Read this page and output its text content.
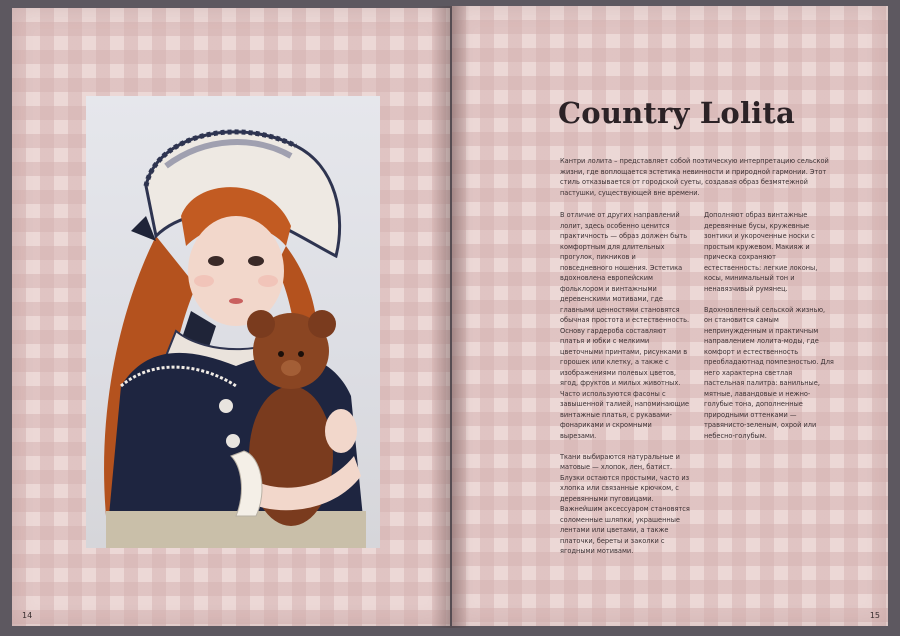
14
Country Lolita
Кантри лолита – представляет собой поэтическую интерпретацию сельской жизни, где воплощается эстетика невинности и природной гармонии. Этот стиль отказывается от городской суеты, создавая образ безмятежной пастушки, существующей вне времени.

В отличие от других направлений лолит, здесь особенно ценится практичность — образ должен быть комфортным для длительных прогулок, пикников и повседневного ношения. Эстетика вдохновлена европейским фольклором и винтажными деревенскими мотивами, где главными ценностями становятся обычная простота и естественность. Основу гардероба составляют платья и юбки с мелкими цветочными принтами, рисунками в горошек или клетку, а также с изображениями полевых цветов, ягод, фруктов и милых животных. Часто используются фасоны с завышенной талией, напоминающие винтажные платья, с рукавами-фонариками и скромными вырезами.

Ткани выбираются натуральные и матовые — хлопок, лен, батист. Блузки остаются простыми, часто из хлопка или связанные крючком, с деревянными пуговицами. Важнейшим аксессуаром становятся соломенные шляпки, украшенные лентами или цветами, а также платочки, береты и заколки с ягодными мотивами.

Дополняют образ винтажные деревянные бусы, кружевные зонтики и укороченные носки с простым кружевом. Макияж и прическа сохраняют естественность: легкие локоны, косы, минимальный тон и ненавязчивый румянец.

Вдохновленный сельской жизнью, он становится самым непринужденным и практичным направлением лолита-моды, где комфорт и естественность преобладаютнад помпезностью. Для него характерна светлая пастельная палитра: ванильные, мятные, лавандовые и нежно-голубые тона, дополненные природными оттенками — травянисто-зеленым, охрой или небесно-голубым.

15
